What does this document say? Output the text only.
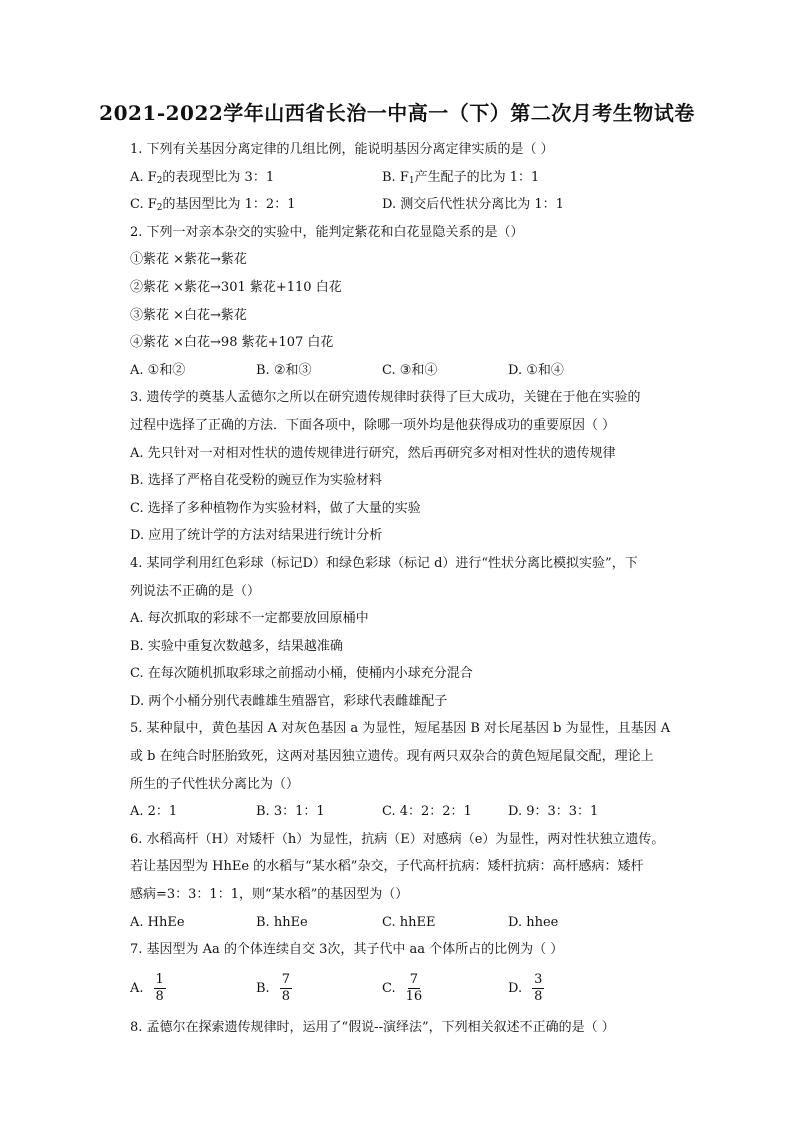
2021-2022学年山西省长治一中高一（下）第二次月考生物试卷
1. 下列有关基因分离定律的几组比例，能说明基因分离定律实质的是（ ）
A. $F_2$的表现型比为 3：1	B. $F_1$产生配子的比为 1：1
C. $F_2$的基因型比为 1：2：1	D. 测交后代性状分离比为 1：1
2. 下列一对亲本杂交的实验中，能判定紫花和白花显隐关系的是（）
①紫花 ×紫花→紫花
②紫花 ×紫花→301 紫花+110 白花
③紫花 ×白花→紫花
④紫花 ×白花→98 紫花+107 白花
A. ①和②	B. ②和③	C. ③和④	D. ①和④
3. 遗传学的奠基人孟德尔之所以在研究遗传规律时获得了巨大成功，关键在于他在实验的
过程中选择了正确的方法．下面各项中，除哪一项外均是他获得成功的重要原因（ ）
A. 先只针对一对相对性状的遗传规律进行研究，然后再研究多对相对性状的遗传规律
B. 选择了严格自花受粉的豌豆作为实验材料
C. 选择了多种植物作为实验材料，做了大量的实验
D. 应用了统计学的方法对结果进行统计分析
4. 某同学利用红色彩球（标记D）和绿色彩球（标记 d）进行“性状分离比模拟实验”，下
列说法不正确的是（）
A. 每次抓取的彩球不一定都要放回原桶中
B. 实验中重复次数越多，结果越准确
C. 在每次随机抓取彩球之前摇动小桶，使桶内小球充分混合
D. 两个小桶分别代表雌雄生殖器官，彩球代表雌雄配子
5. 某种鼠中，黄色基因 A 对灰色基因 a 为显性，短尾基因 B 对长尾基因 b 为显性，且基因 A
或 b 在纯合时胚胎致死，这两对基因独立遗传。现有两只双杂合的黄色短尾鼠交配，理论上
所生的子代性状分离比为（）
A. 2：1	B. 3：1：1	C. 4：2：2：1	D. 9：3：3：1
6. 水稻高杆（H）对矮杆（h）为显性，抗病（E）对感病（e）为显性，两对性状独立遗传。
若让基因型为 HhEe 的水稻与“某水稻”杂交，子代高杆抗病：矮杆抗病：高杆感病：矮杆
感病=3：3：1：1，则“某水稻”的基因型为（）
A. HhEe	B. hhEe	C. hhEE	D. hhee
7. 基因型为 Aa 的个体连续自交 3次，其子代中 aa 个体所占的比例为（ ）
A. $\frac{1}{8}$	B. $\frac{7}{8}$	C. $\frac{7}{16}$	D. $\frac{3}{8}$
8. 孟德尔在探索遗传规律时，运用了“假说--演绎法”，下列相关叙述不正确的是（ ）
